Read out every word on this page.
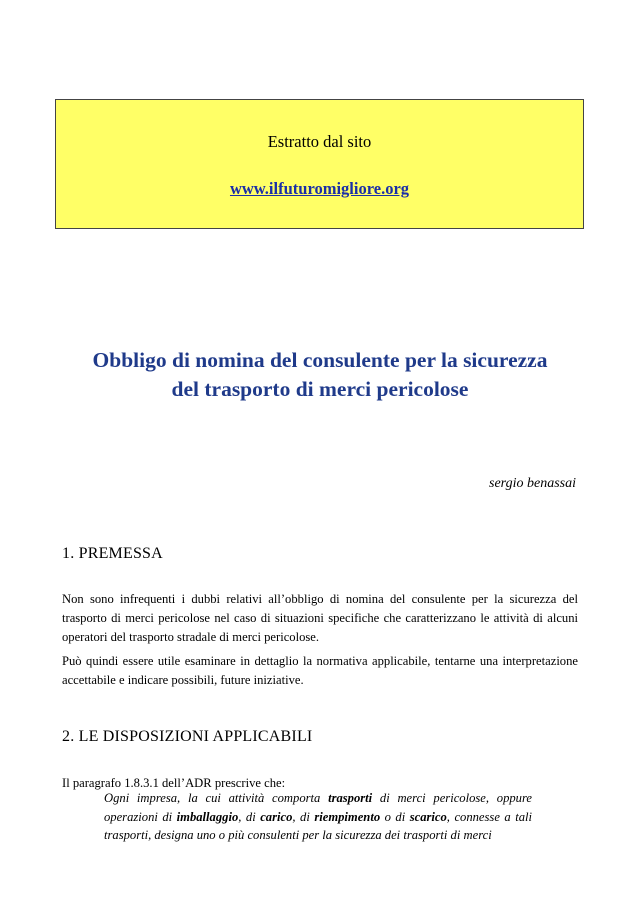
Estratto dal sito
www.ilfuturomigliore.org
Obbligo di nomina del consulente per la sicurezza
del trasporto di merci pericolose
sergio benassai
1. PREMESSA
Non sono infrequenti i dubbi relativi all’obbligo di nomina del consulente per la sicurezza del trasporto di merci pericolose nel caso di situazioni specifiche che caratterizzano le attività di alcuni operatori del trasporto stradale di merci pericolose.
Può quindi essere utile esaminare in dettaglio la normativa applicabile, tentarne una interpretazione accettabile e indicare possibili, future iniziative.
2. LE DISPOSIZIONI APPLICABILI
Il paragrafo 1.8.3.1 dell’ADR prescrive che:
Ogni impresa, la cui attività comporta trasporti di merci pericolose, oppure operazioni di imballaggio, di carico, di riempimento o di scarico, connesse a tali trasporti, designa uno o più consulenti per la sicurezza dei trasporti di merci
